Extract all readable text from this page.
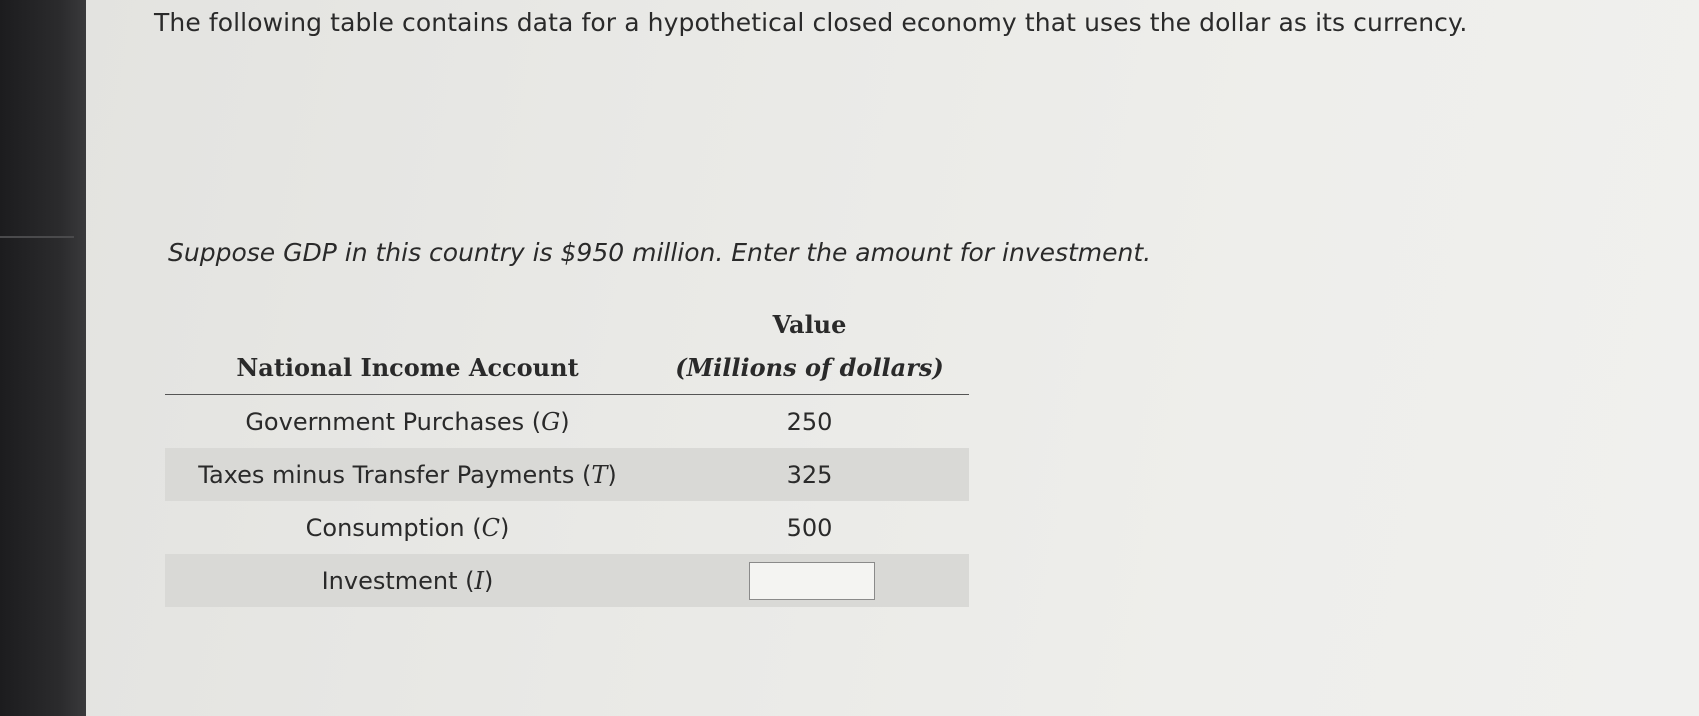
The following table contains data for a hypothetical closed economy that uses the dollar as its currency.
Suppose GDP in this country is $950 million. Enter the amount for investment.
National Income Account
Value
(Millions of dollars)
Government Purchases (G)	250
Taxes minus Transfer Payments (T)	325
Consumption (C)	500
Investment (I)
